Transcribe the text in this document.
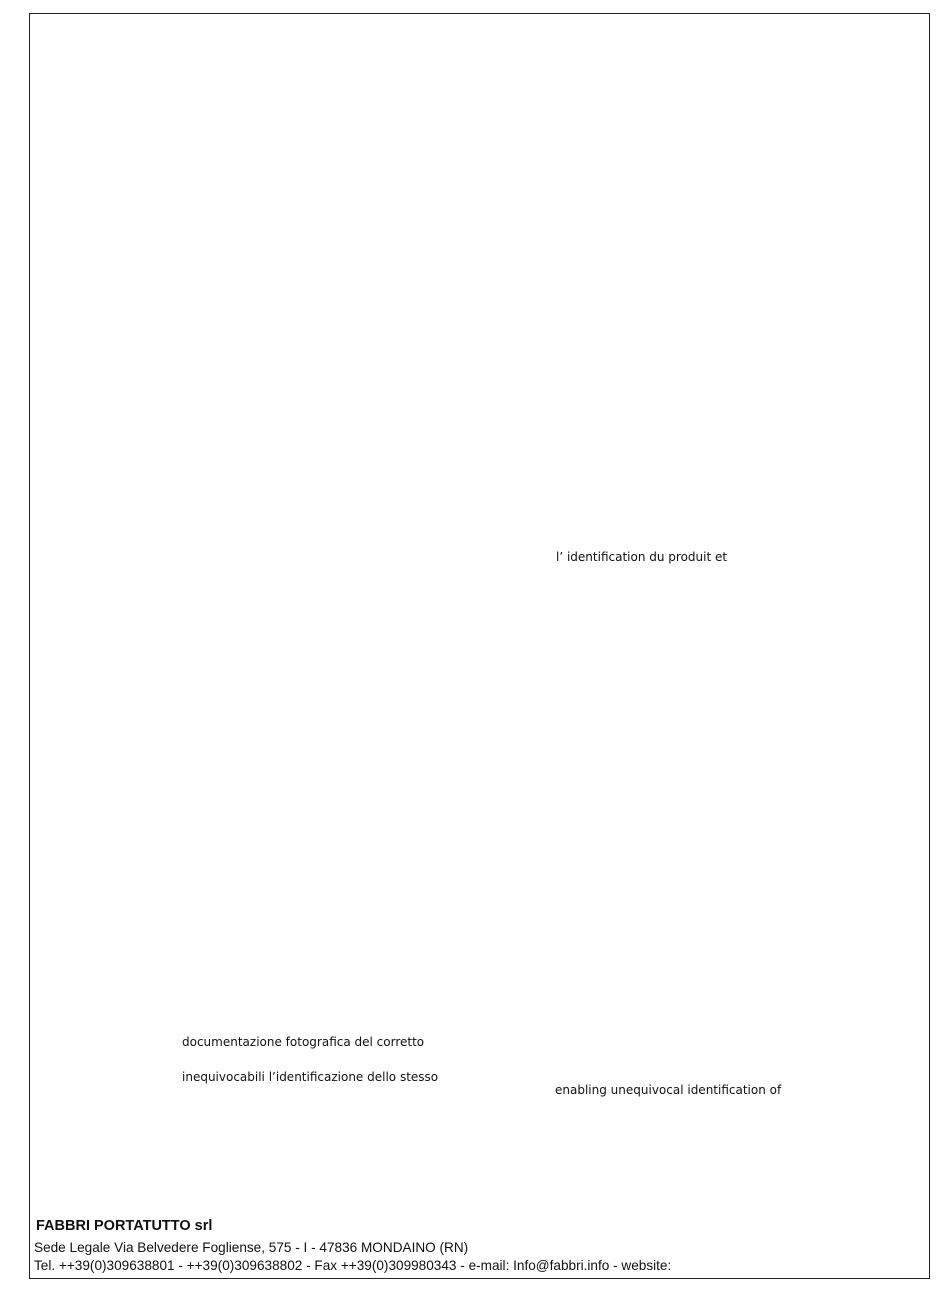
l’ identification du produit et
documentazione fotografica del corretto
inequivocabili l’identificazione dello stesso
enabling unequivocal identification of
FABBRI PORTATUTTO srl
Sede Legale Via Belvedere Fogliense, 575 - I - 47836 MONDAINO (RN)
Tel. ++39(0)309638801 - ++39(0)309638802 - Fax ++39(0)309980343 - e-mail: Info@fabbri.info - website:
